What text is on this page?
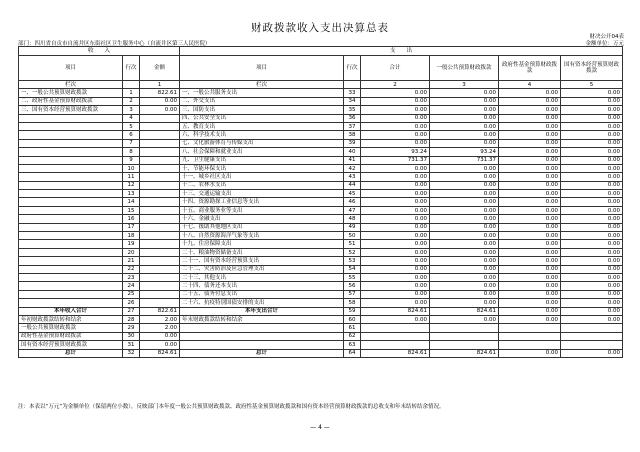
财政拨款收入支出决算总表
财决公开04表
部门：四川省自贡市自流井区东街社区卫生服务中心（自流井区第三人民医院）	金额单位：万元
收　　入			支　　出					
项目	行次	金额	项目	行次	合计	一般公共预算财政拨款	政府性基金预算财政拨款	国有资本经营预算财政拨款
栏次		1	栏次		2	3	4	5
一、一般公共预算财政拨款	1	822.61	一、一般公共服务支出	33	0.00	0.00	0.00	0.00
二、政府性基金预算财政拨款	2	0.00	二、外交支出	34	0.00	0.00	0.00	0.00
三、国有资本经营预算财政拨款	3	0.00	三、国防支出	35	0.00	0.00	0.00	0.00
	4		四、公共安全支出	36	0.00	0.00	0.00	0.00
	5		五、教育支出	37	0.00	0.00	0.00	0.00
	6		六、科学技术支出	38	0.00	0.00	0.00	0.00
	7		七、文化旅游体育与传媒支出	39	0.00	0.00	0.00	0.00
	8		八、社会保障和就业支出	40	93.24	93.24	0.00	0.00
	9		九、卫生健康支出	41	731.37	731.37	0.00	0.00
	10		十、节能环保支出	42	0.00	0.00	0.00	0.00
	11		十一、城乡社区支出	43	0.00	0.00	0.00	0.00
	12		十二、农林水支出	44	0.00	0.00	0.00	0.00
	13		十三、交通运输支出	45	0.00	0.00	0.00	0.00
	14		十四、资源勘探工业信息等支出	46	0.00	0.00	0.00	0.00
	15		十五、商业服务业等支出	47	0.00	0.00	0.00	0.00
	16		十六、金融支出	48	0.00	0.00	0.00	0.00
	17		十七、援助其他地区支出	49	0.00	0.00	0.00	0.00
	18		十八、自然资源海洋气象等支出	50	0.00	0.00	0.00	0.00
	19		十九、住房保障支出	51	0.00	0.00	0.00	0.00
	20		二十、粮油物资储备支出	52	0.00	0.00	0.00	0.00
	21		二十一、国有资本经营预算支出	53	0.00	0.00	0.00	0.00
	22		二十二、灾害防治及应急管理支出	54	0.00	0.00	0.00	0.00
	23		二十三、其他支出	55	0.00	0.00	0.00	0.00
	24		二十四、债务还本支出	56	0.00	0.00	0.00	0.00
	25		二十五、债务付息支出	57	0.00	0.00	0.00	0.00
	26		二十六、抗疫特别国债安排的支出	58	0.00	0.00	0.00	0.00
本年收入合计	27	822.61	本年支出合计	59	824.61	824.61	0.00	0.00
年初财政拨款结转和结余	28	2.00	年末财政拨款结转和结余	60	0.00	0.00	0.00	0.00
一般公共预算财政拨款	29	2.00		61				
政府性基金预算财政拨款	30	0.00		62				
国有资本经营预算财政拨款	31	0.00		63				
总计	32	824.61	总计	64	824.61	824.61	0.00	0.00
注：本表以“万元”为金额单位（保留两位小数），反映部门本年度一般公共预算财政拨款、政府性基金预算财政拨款和国有资本经营预算财政拨款的总收支和年末结转结余情况。
— 4 —
